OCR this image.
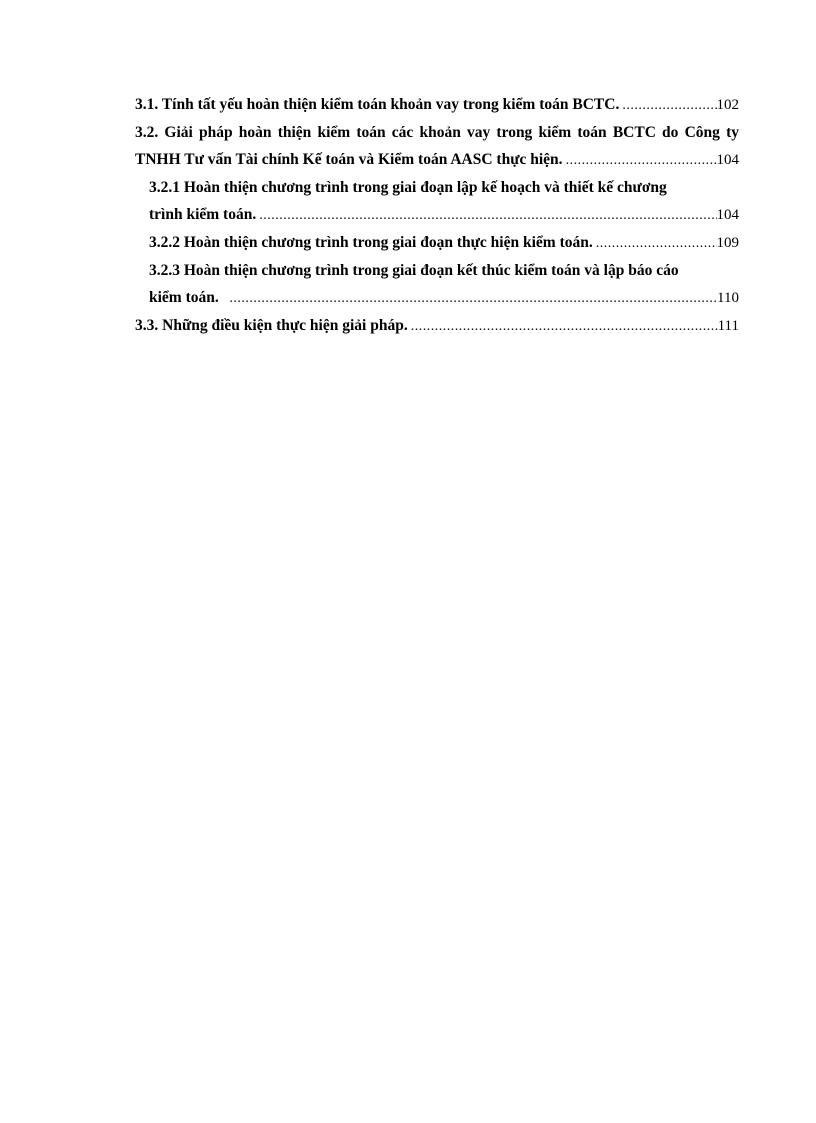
3.1. Tính tất yếu hoàn thiện kiểm toán khoản vay trong kiểm toán BCTC. .....	102
3.2. Giải pháp hoàn thiện kiểm toán các khoản vay trong kiểm toán BCTC do Công ty
TNHH Tư vấn Tài chính Kế toán và Kiểm toán AASC thực hiện. .....	104
3.2.1 Hoàn thiện chương trình trong giai đoạn lập kế hoạch và thiết kế chương
trình kiểm toán. .....	104
3.2.2 Hoàn thiện chương trình trong giai đoạn thực hiện kiểm toán. .....	109
3.2.3 Hoàn thiện chương trình trong giai đoạn kết thúc kiểm toán và lập báo cáo
kiểm toán. .....	110
3.3. Những điều kiện thực hiện giải pháp. .....	111
